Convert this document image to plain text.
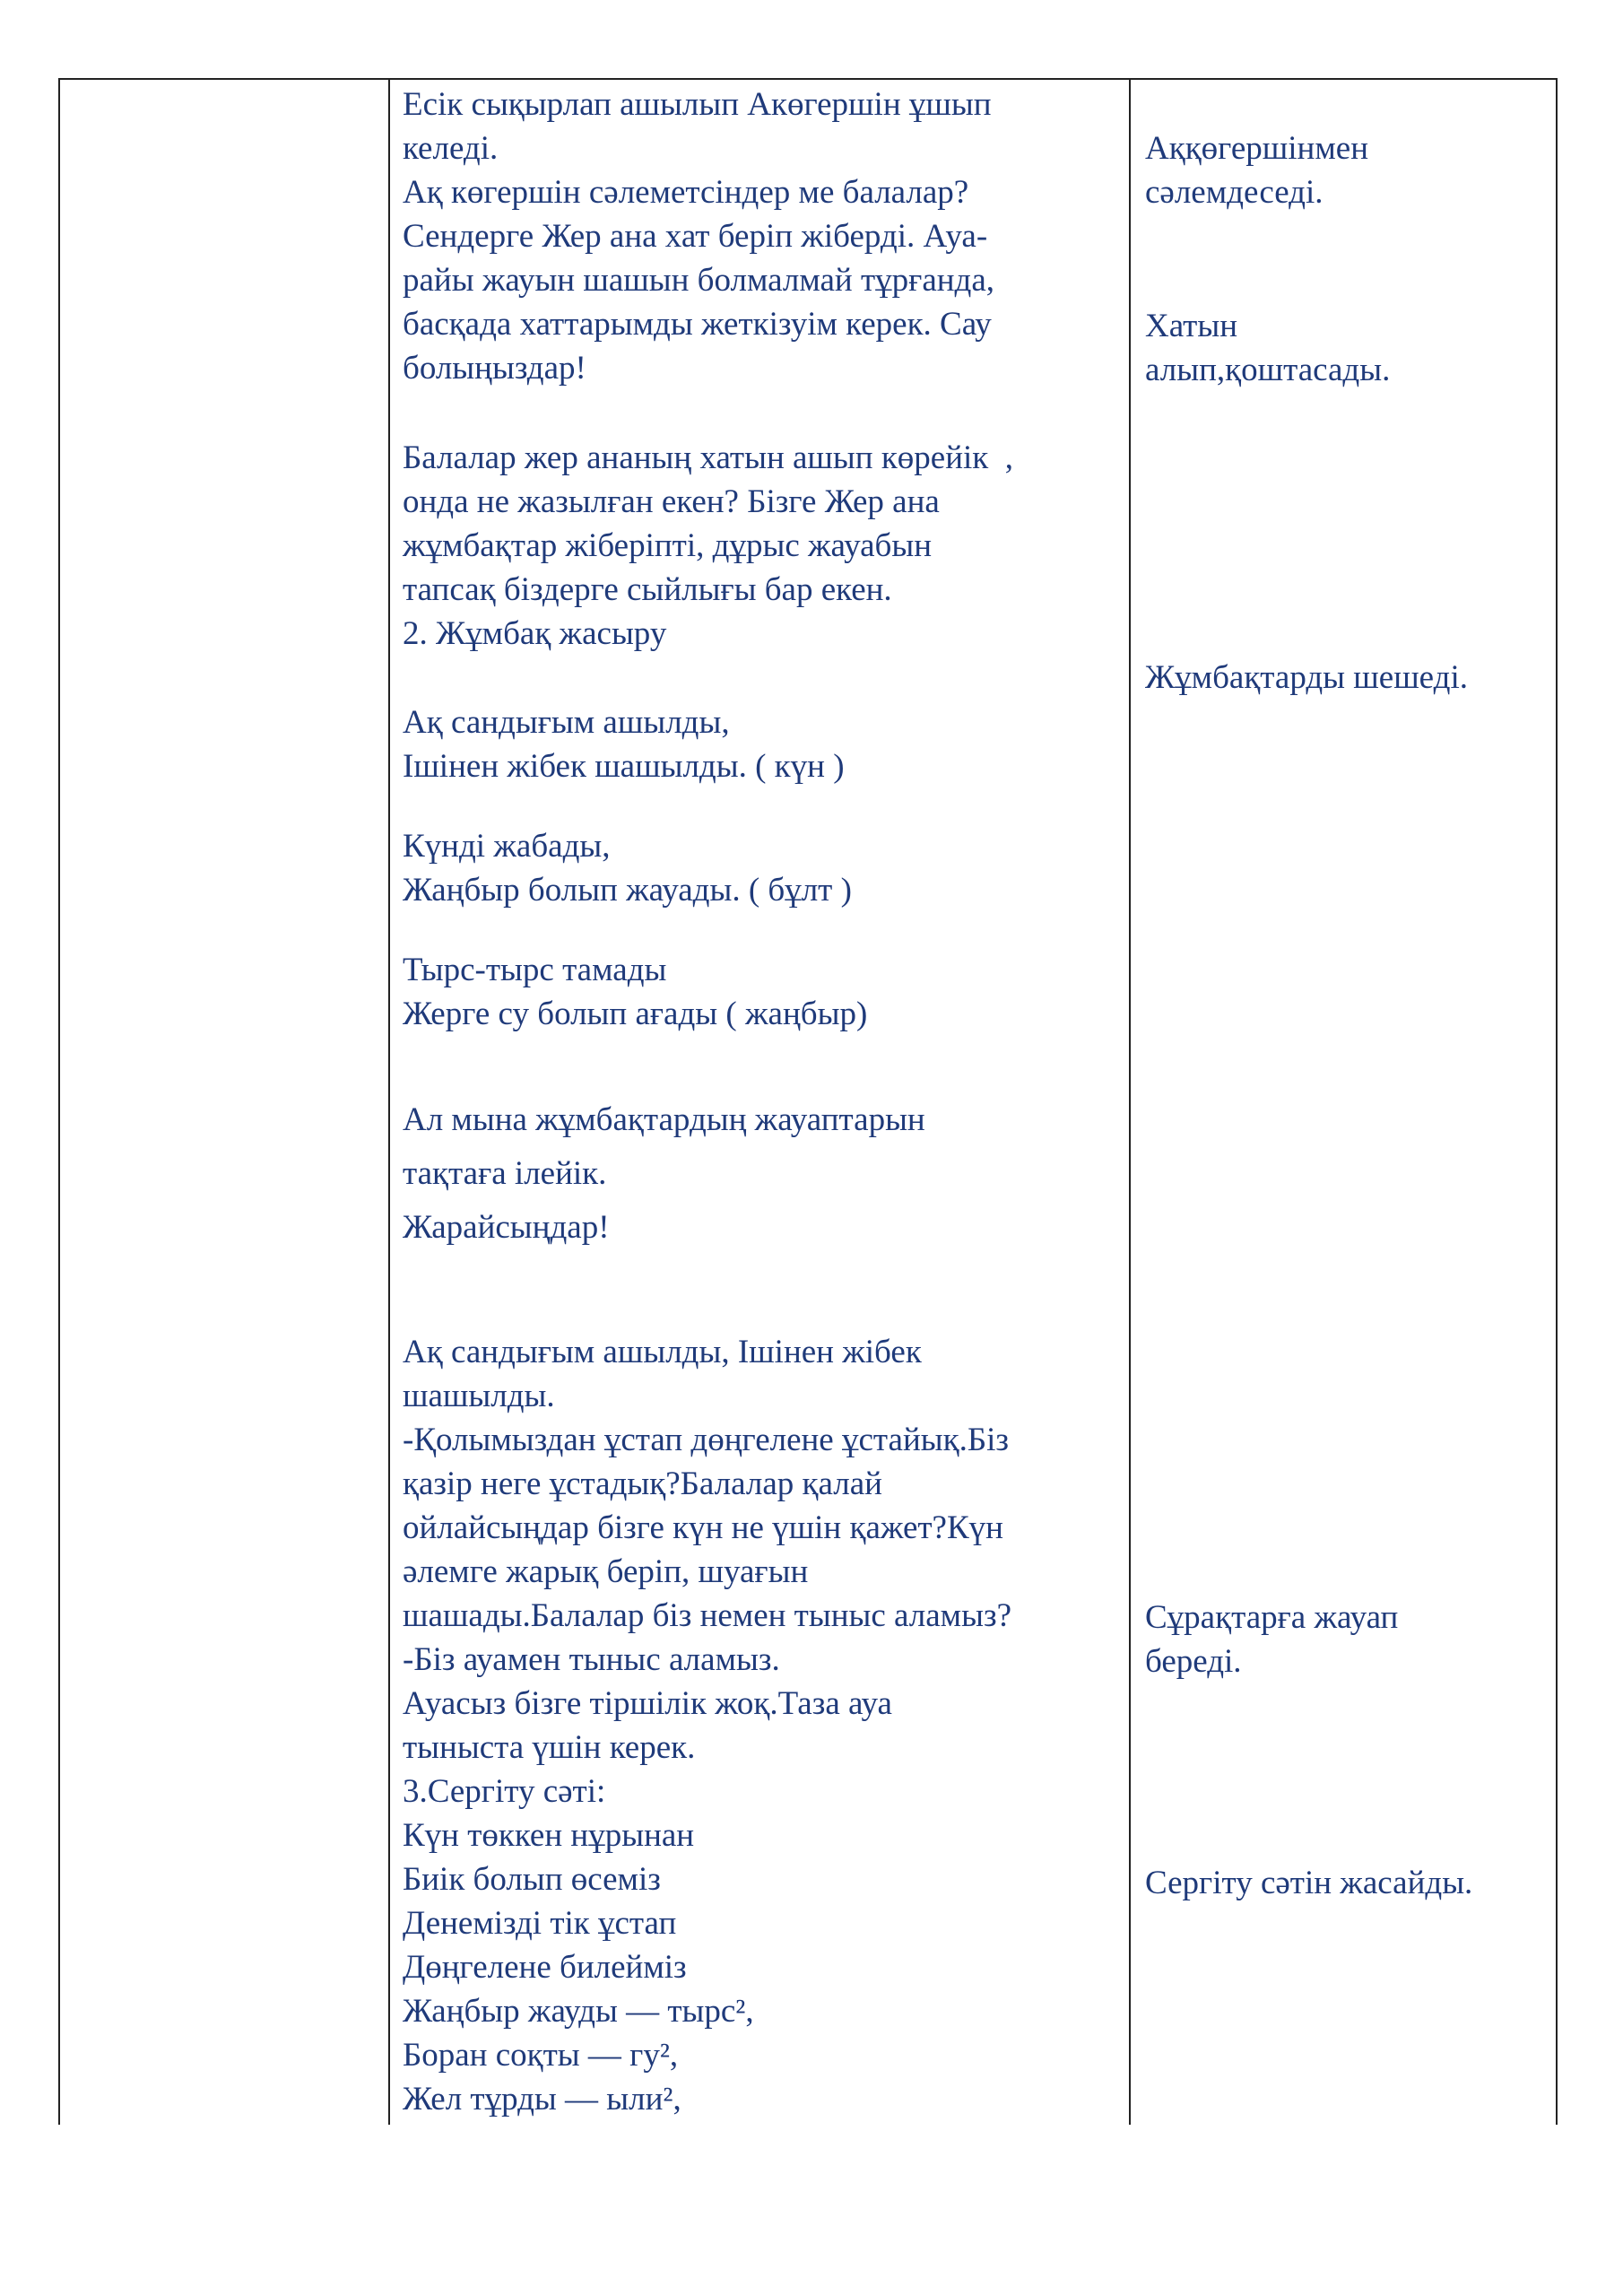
Есік сықырлап ашылып Акөгершін ұшып
келеді.
Ақ көгершін сәлеметсіндер ме балалар?
Сендерге Жер ана хат беріп жіберді. Ауа-
райы жауын шашын болмалмай тұрғанда,
басқада хаттарымды жеткізуім керек. Сау
болыңыздар!

Балалар жер ананың хатын ашып көрейік  ,
онда не жазылған екен? Бізге Жер ана
жұмбақтар жіберіпті, дұрыс жауабын
тапсақ біздерге сыйлығы бар екен.
2. Жұмбақ жасыру

Ақ сандығым ашылды,
Ішінен жібек шашылды. ( күн )

Күнді жабады,
Жаңбыр болып жауады. ( бұлт )

Тырс-тырс тамады
Жерге су болып ағады ( жаңбыр)

Ал мына жұмбақтардың жауаптарын
тақтаға ілейік.
Жарайсыңдар!

Ақ сандығым ашылды, Ішінен жібек
шашылды.
-Қолымыздан ұстап дөңгелене ұстайық.Біз
қазір неге ұстадық?Балалар қалай
ойлайсыңдар бізге күн не үшін қажет?Күн
әлемге жарық беріп, шуағын
шашады.Балалар біз немен тыныс аламыз?
-Біз ауамен тыныс аламыз.
Ауасыз бізге тіршілік жоқ.Таза ауа
тыныста үшін керек.
3.Сергіту сәті:
Күн төккен нұрынан
Биік болып өсеміз
Денемізді тік ұстап
Дөңгелене билейміз
Жаңбыр жауды — тырс²,
Боран соқты — гу²,
Жел тұрды — ыли²,

Аққөгершінмен
сәлемдеседі.

Хатын
алып,қоштасады.

Жұмбақтарды шешеді.

Сұрақтарға жауап
береді.

Сергіту сәтін жасайды.
